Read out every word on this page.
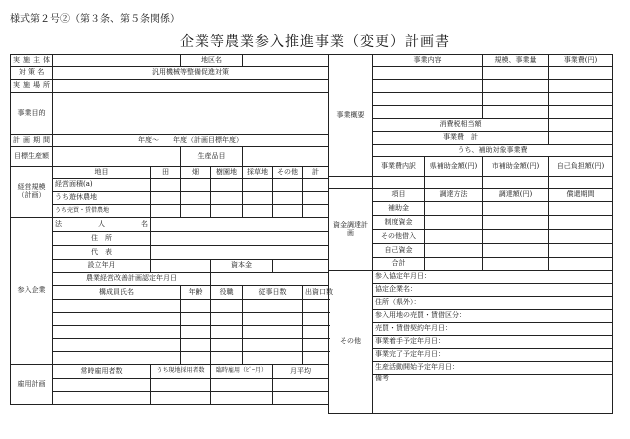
様式第２号②（第３条、第５条関係）
企業等農業参入推進事業（変更）計画書
実施主体			地区名				
対 策 名	汎用機械等整備促進対策						
実施場所							
事業目的							
計画期間	年度～　　年度（計画目標年度）						
目標生産額			生産品目				
経営規模（計画）	地目	田	畑	樹園地	採草地	その他	計
	経営面積(a)						
	うち遊休農地						
	うち売買・賃借農地						
参入企業	法人名						
	住　所						
	代　表						
	設立年月			資本金			
	農業経営改善計画認定年月日						
	構成員氏名		年齢	役職	従事日数		出資口数

雇用計画	常時雇用者数	うち現地採用者数		臨時雇用（ﾋﾞｰ月）		月平均	

事業概要	事業内容		規模、事業量	事業費(円)

	消費税相当額			
	事業費　計			
	うち、補助対象事業費			
	事業費内訳	県補助金額(円)	市補助金額(円)	自己負担額(円)

資金調達計画	項目	調達方法	調達額(円)	償還期間
	補助金			
	制度資金			
	その他借入			
	自己資金			
	合計			
その他	参入協定年月日：			
	協定企業名：			
	住所（県外）：			
	参入用地の売買・賃借区分：			
	売買・賃借契約年月日：			
	事業着手予定年月日：			
	事業完了予定年月日：			
	生産活動開始予定年月日：			
	備考			
